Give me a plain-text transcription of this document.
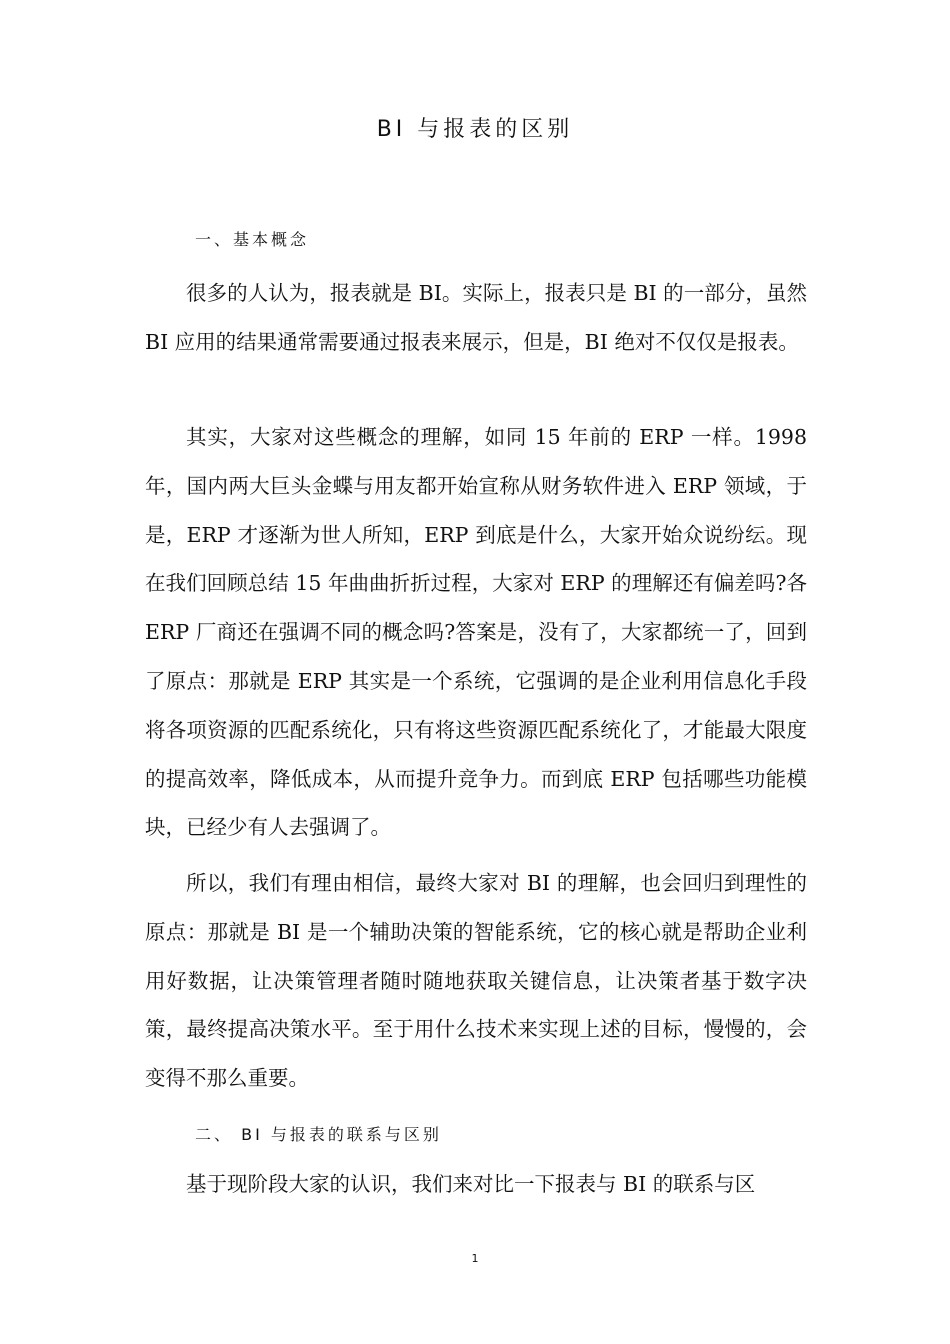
BI 与报表的区别
一、基本概念

很多的人认为，报表就是 BI。实际上，报表只是 BI 的一部分，虽然 BI 应用的结果通常需要通过报表来展示，但是，BI 绝对不仅仅是报表。

其实，大家对这些概念的理解，如同 15 年前的 ERP 一样。1998 年，国内两大巨头金蝶与用友都开始宣称从财务软件进入 ERP 领域，于是，ERP 才逐渐为世人所知，ERP 到底是什么，大家开始众说纷纭。现在我们回顾总结 15 年曲曲折折过程，大家对 ERP 的理解还有偏差吗?各 ERP 厂商还在强调不同的概念吗?答案是，没有了，大家都统一了，回到了原点：那就是 ERP 其实是一个系统，它强调的是企业利用信息化手段将各项资源的匹配系统化，只有将这些资源匹配系统化了，才能最大限度的提高效率，降低成本，从而提升竞争力。而到底 ERP 包括哪些功能模块，已经少有人去强调了。

所以，我们有理由相信，最终大家对 BI 的理解，也会回归到理性的原点：那就是 BI 是一个辅助决策的智能系统，它的核心就是帮助企业利用好数据，让决策管理者随时随地获取关键信息，让决策者基于数字决策，最终提高决策水平。至于用什么技术来实现上述的目标，慢慢的，会变得不那么重要。

二、 BI 与报表的联系与区别

基于现阶段大家的认识，我们来对比一下报表与 BI 的联系与区

1
